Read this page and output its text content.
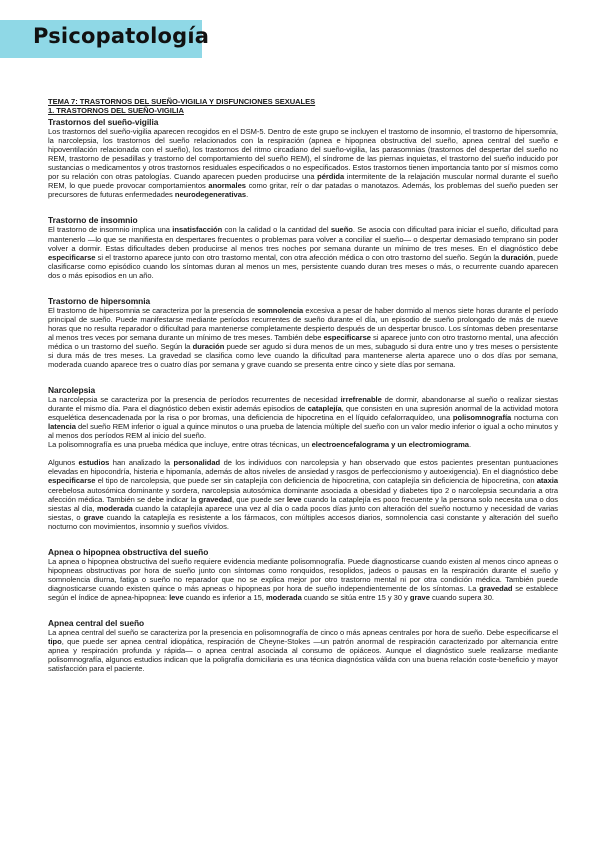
Psicopatología
TEMA 7: TRASTORNOS DEL SUEÑO-VIGILIA Y DISFUNCIONES SEXUALES
1. TRASTORNOS DEL SUEÑO-VIGILIA
Trastornos del sueño-vigilia

Los trastornos del sueño-vigilia aparecen recogidos en el DSM-5. Dentro de este grupo se incluyen el trastorno de insomnio, el trastorno de hipersomnia, la narcolepsia, los trastornos del sueño relacionados con la respiración (apnea e hipopnea obstructiva del sueño, apnea central del sueño e hipoventilación relacionada con el sueño), los trastornos del ritmo circadiano del sueño-vigilia, las parasomnias (trastornos del despertar del sueño no REM, trastorno de pesadillas y trastorno del comportamiento del sueño REM), el síndrome de las piernas inquietas, el trastorno del sueño inducido por sustancias o medicamentos y otros trastornos residuales especificados o no especificados. Estos trastornos tienen importancia tanto por sí mismos como por su relación con otras patologías. Cuando aparecen pueden producirse una pérdida intermitente de la relajación muscular normal durante el sueño REM, lo que puede provocar comportamientos anormales como gritar, reír o dar patadas o manotazos. Además, los problemas del sueño pueden ser precursores de futuras enfermedades neurodegenerativas.

Trastorno de insomnio

El trastorno de insomnio implica una insatisfacción con la calidad o la cantidad del sueño. Se asocia con dificultad para iniciar el sueño, dificultad para mantenerlo —lo que se manifiesta en despertares frecuentes o problemas para volver a conciliar el sueño— o despertar demasiado temprano sin poder volver a dormir. Estas dificultades deben producirse al menos tres noches por semana durante un mínimo de tres meses. En el diagnóstico debe especificarse si el trastorno aparece junto con otro trastorno mental, con otra afección médica o con otro trastorno del sueño. Según la duración, puede clasificarse como episódico cuando los síntomas duran al menos un mes, persistente cuando duran tres meses o más, o recurrente cuando aparecen dos o más episodios en un año.

Trastorno de hipersomnia

El trastorno de hipersomnia se caracteriza por la presencia de somnolencia excesiva a pesar de haber dormido al menos siete horas durante el período principal de sueño. Puede manifestarse mediante períodos recurrentes de sueño durante el día, un episodio de sueño prolongado de más de nueve horas que no resulta reparador o dificultad para mantenerse completamente despierto después de un despertar brusco. Los síntomas deben presentarse al menos tres veces por semana durante un mínimo de tres meses. También debe especificarse si aparece junto con otro trastorno mental, una afección médica o un trastorno del sueño. Según la duración puede ser agudo si dura menos de un mes, subagudo si dura entre uno y tres meses o persistente si dura más de tres meses. La gravedad se clasifica como leve cuando la dificultad para mantenerse alerta aparece uno o dos días por semana, moderada cuando aparece tres o cuatro días por semana y grave cuando se presenta entre cinco y siete días por semana.

Narcolepsia

La narcolepsia se caracteriza por la presencia de períodos recurrentes de necesidad irrefrenable de dormir, abandonarse al sueño o realizar siestas durante el mismo día. Para el diagnóstico deben existir además episodios de cataplejía, que consisten en una supresión anormal de la actividad motora esquelética desencadenada por la risa o por bromas, una deficiencia de hipocretina en el líquido cefalorraquídeo, una polisomnografía nocturna con latencia del sueño REM inferior o igual a quince minutos o una prueba de latencia múltiple del sueño con un valor medio inferior o igual a ocho minutos y al menos dos períodos REM al inicio del sueño.
La polisomnografía es una prueba médica que incluye, entre otras técnicas, un electroencefalograma y un electromiograma.

Algunos estudios han analizado la personalidad de los individuos con narcolepsia y han observado que estos pacientes presentan puntuaciones elevadas en hipocondría, histeria e hipomanía, además de altos niveles de ansiedad y rasgos de perfeccionismo y autoexigencia). En el diagnóstico debe especificarse el tipo de narcolepsia, que puede ser sin cataplejía con deficiencia de hipocretina, con cataplejía sin deficiencia de hipocretina, con ataxia cerebelosa autosómica dominante y sordera, narcolepsia autosómica dominante asociada a obesidad y diabetes tipo 2 o narcolepsia secundaria a otra afección médica. También se debe indicar la gravedad, que puede ser leve cuando la cataplejía es poco frecuente y la persona solo necesita una o dos siestas al día, moderada cuando la cataplejía aparece una vez al día o cada pocos días junto con alteración del sueño nocturno y necesidad de varias siestas, o grave cuando la cataplejía es resistente a los fármacos, con múltiples accesos diarios, somnolencia casi constante y alteración del sueño nocturno con movimientos, insomnio y sueños vívidos.

Apnea o hipopnea obstructiva del sueño

La apnea o hipopnea obstructiva del sueño requiere evidencia mediante polisomnografía. Puede diagnosticarse cuando existen al menos cinco apneas o hipopneas obstructivas por hora de sueño junto con síntomas como ronquidos, resoplidos, jadeos o pausas en la respiración durante el sueño y somnolencia diurna, fatiga o sueño no reparador que no se explica mejor por otro trastorno mental ni por otra condición médica. También puede diagnosticarse cuando existen quince o más apneas o hipopneas por hora de sueño independientemente de los síntomas. La gravedad se establece según el índice de apnea-hipopnea: leve cuando es inferior a 15, moderada cuando se sitúa entre 15 y 30 y grave cuando supera 30.

Apnea central del sueño

La apnea central del sueño se caracteriza por la presencia en polisomnografía de cinco o más apneas centrales por hora de sueño. Debe especificarse el tipo, que puede ser apnea central idiopática, respiración de Cheyne-Stokes —un patrón anormal de respiración caracterizado por alternancia entre apnea y respiración profunda y rápida— o apnea central asociada al consumo de opiáceos. Aunque el diagnóstico suele realizarse mediante polisomnografía, algunos estudios indican que la poligrafía domiciliaria es una técnica diagnóstica válida con una buena relación coste-beneficio y mayor satisfacción para el paciente.
